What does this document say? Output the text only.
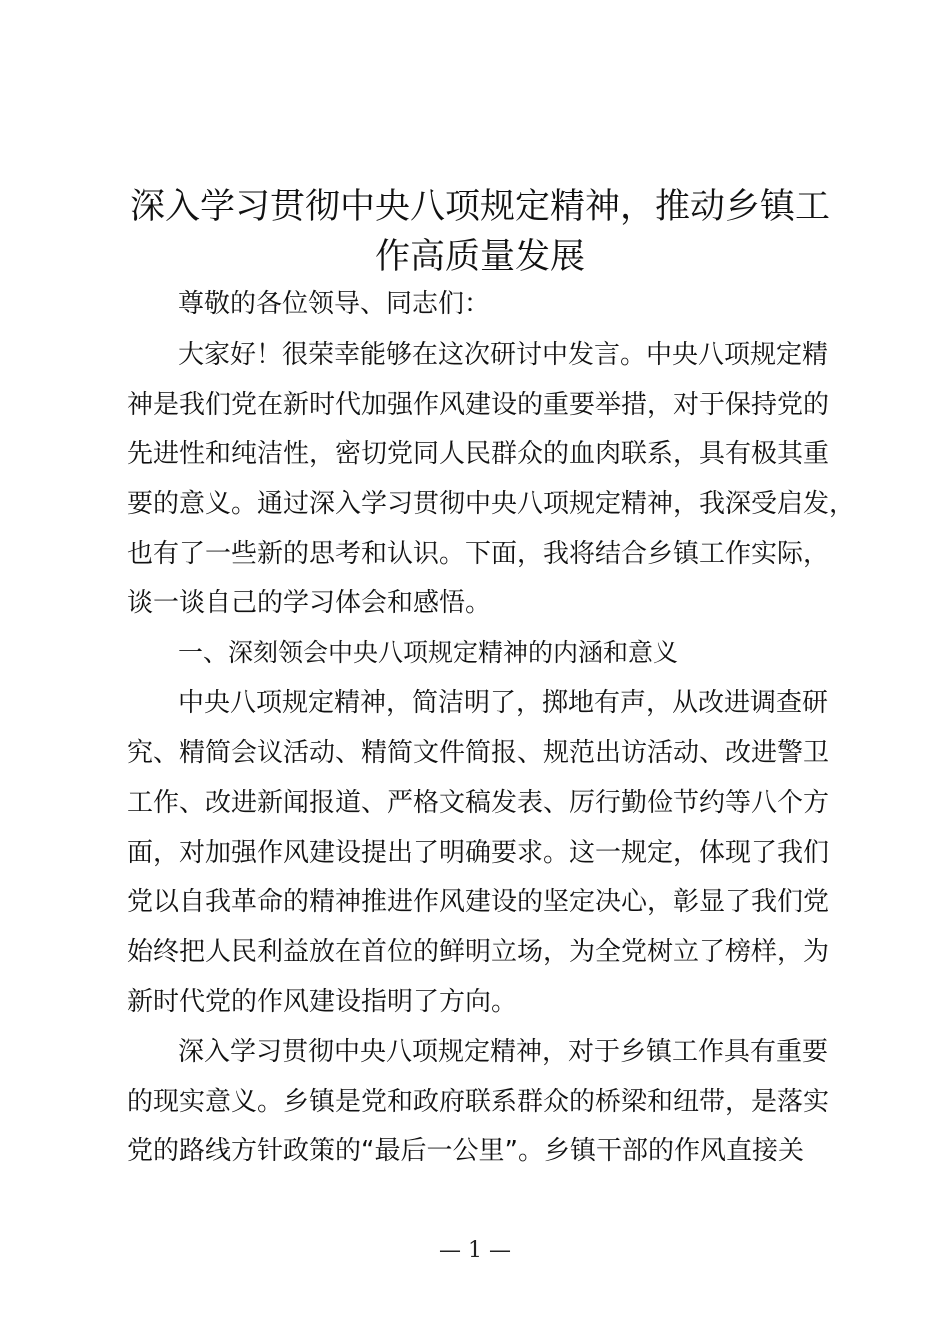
深入学习贯彻中央八项规定精神，推动乡镇工
作高质量发展
尊敬的各位领导、同志们：
大家好！很荣幸能够在这次研讨中发言。中央八项规定精
神是我们党在新时代加强作风建设的重要举措，对于保持党的
先进性和纯洁性，密切党同人民群众的血肉联系，具有极其重
要的意义。通过深入学习贯彻中央八项规定精神，我深受启发，
也有了一些新的思考和认识。下面，我将结合乡镇工作实际，
谈一谈自己的学习体会和感悟。
一、深刻领会中央八项规定精神的内涵和意义
中央八项规定精神，简洁明了，掷地有声，从改进调查研
究、精简会议活动、精简文件简报、规范出访活动、改进警卫
工作、改进新闻报道、严格文稿发表、厉行勤俭节约等八个方
面，对加强作风建设提出了明确要求。这一规定，体现了我们
党以自我革命的精神推进作风建设的坚定决心，彰显了我们党
始终把人民利益放在首位的鲜明立场，为全党树立了榜样，为
新时代党的作风建设指明了方向。
深入学习贯彻中央八项规定精神，对于乡镇工作具有重要
的现实意义。乡镇是党和政府联系群众的桥梁和纽带，是落实
党的路线方针政策的“最后一公里”。乡镇干部的作风直接关
— 1 —
